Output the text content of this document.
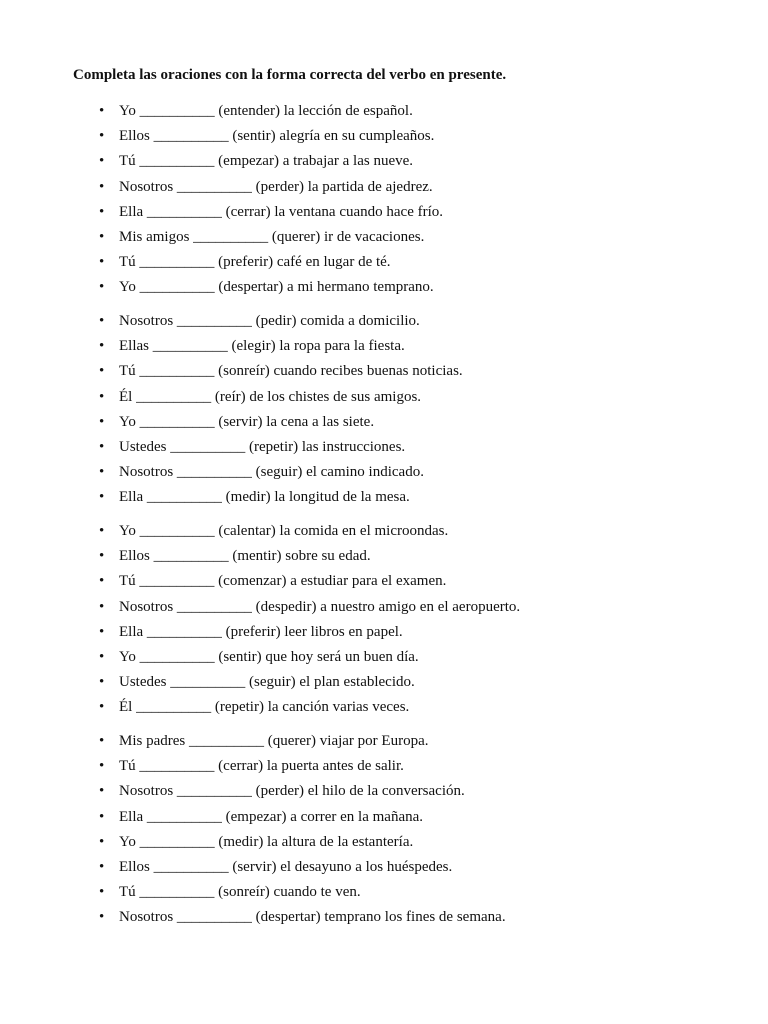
Completa las oraciones con la forma correcta del verbo en presente.
• Yo __________ (entender) la lección de español.
• Ellos __________ (sentir) alegría en su cumpleaños.
• Tú __________ (empezar) a trabajar a las nueve.
• Nosotros __________ (perder) la partida de ajedrez.
• Ella __________ (cerrar) la ventana cuando hace frío.
• Mis amigos __________ (querer) ir de vacaciones.
• Tú __________ (preferir) café en lugar de té.
• Yo __________ (despertar) a mi hermano temprano.
• Nosotros __________ (pedir) comida a domicilio.
• Ellas __________ (elegir) la ropa para la fiesta.
• Tú __________ (sonreír) cuando recibes buenas noticias.
• Él __________ (reír) de los chistes de sus amigos.
• Yo __________ (servir) la cena a las siete.
• Ustedes __________ (repetir) las instrucciones.
• Nosotros __________ (seguir) el camino indicado.
• Ella __________ (medir) la longitud de la mesa.
• Yo __________ (calentar) la comida en el microondas.
• Ellos __________ (mentir) sobre su edad.
• Tú __________ (comenzar) a estudiar para el examen.
• Nosotros __________ (despedir) a nuestro amigo en el aeropuerto.
• Ella __________ (preferir) leer libros en papel.
• Yo __________ (sentir) que hoy será un buen día.
• Ustedes __________ (seguir) el plan establecido.
• Él __________ (repetir) la canción varias veces.
• Mis padres __________ (querer) viajar por Europa.
• Tú __________ (cerrar) la puerta antes de salir.
• Nosotros __________ (perder) el hilo de la conversación.
• Ella __________ (empezar) a correr en la mañana.
• Yo __________ (medir) la altura de la estantería.
• Ellos __________ (servir) el desayuno a los huéspedes.
• Tú __________ (sonreír) cuando te ven.
• Nosotros __________ (despertar) temprano los fines de semana.
